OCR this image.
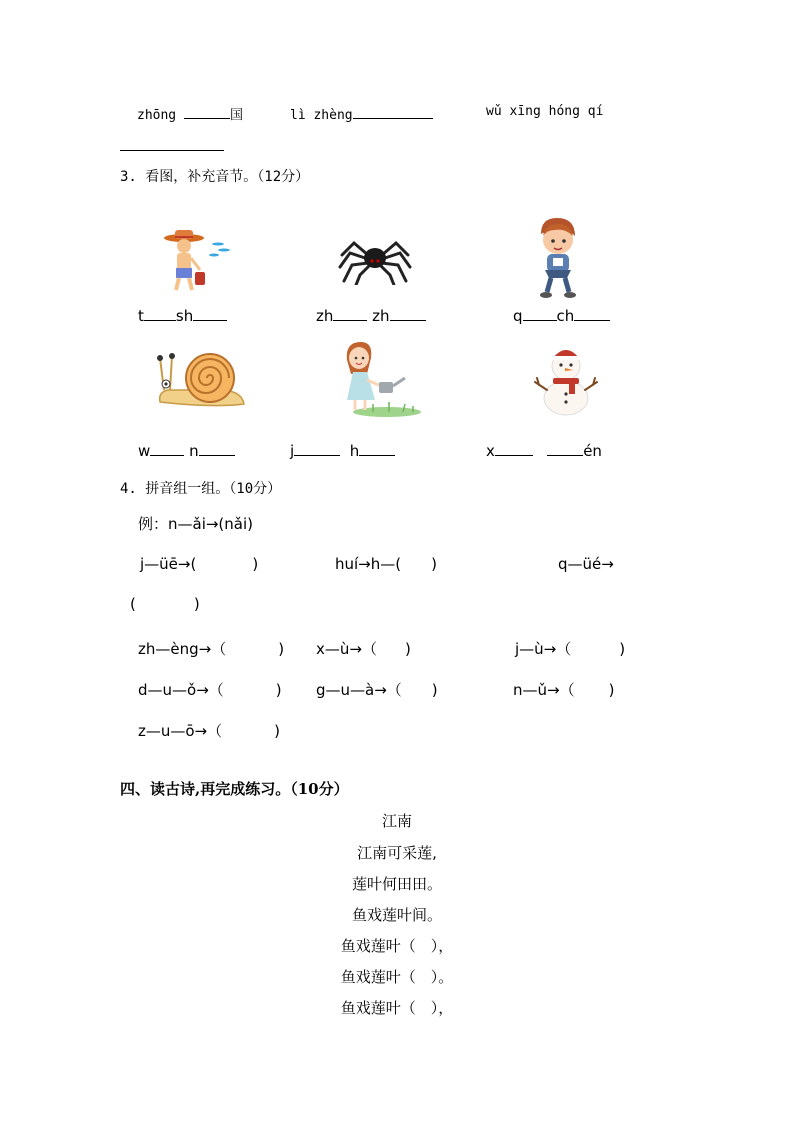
zhōng	国	lì zhèng	wǔ xīng hóng qí
3. 看图，补充音节。（12分）
t sh	zh	zh	q ch
w	n	j	h	x	én
4. 拼音组一组。（10分）
例：n—ǎi→(nǎi)
j—üē→(	)	huí→h—( )	q—üé→
(	)
zh—èng→（	) x—ù→（ )	j—ù→（	)
d—u—ǒ→（	) g—u—à→（ )	n—ǔ→（ )
z—u—ō→（	)
四、读古诗,再完成练习。（10分）
江南
江南可采莲,
莲叶何田田。
鱼戏莲叶间。
鱼戏莲叶（　），
鱼戏莲叶（　）。
鱼戏莲叶（　），
